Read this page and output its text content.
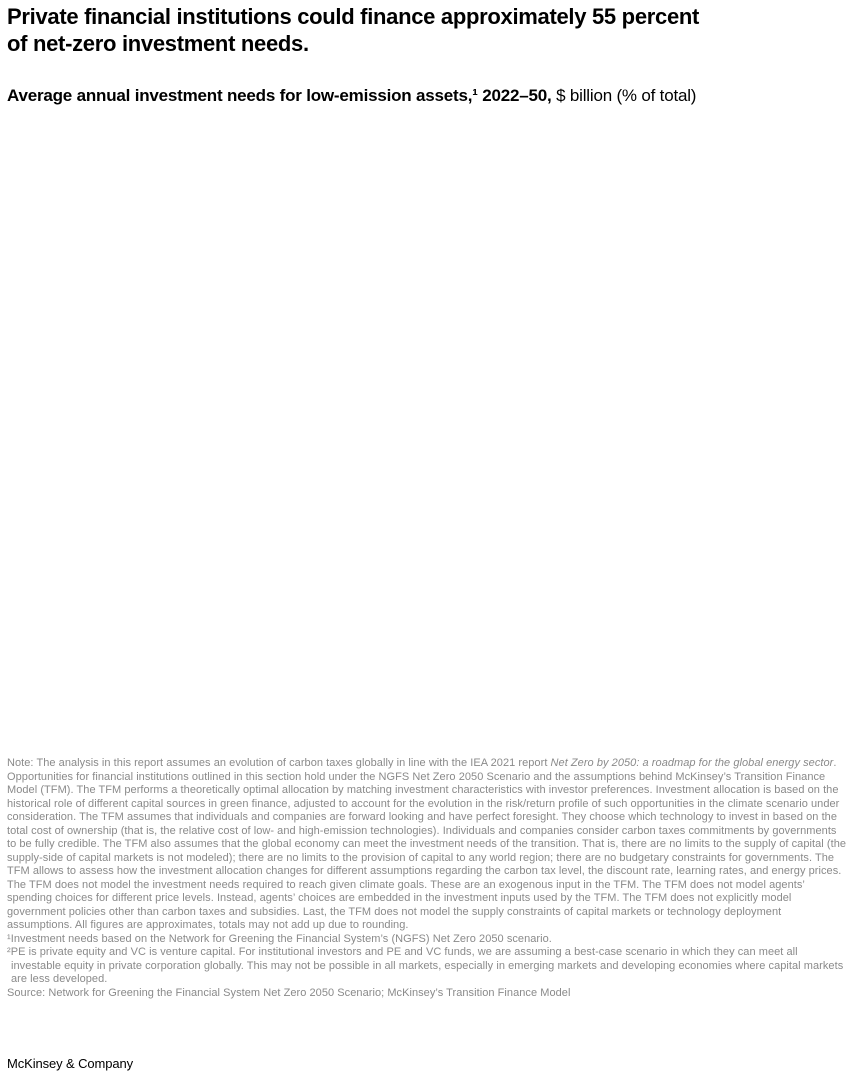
Private financial institutions could finance approximately 55 percent
of net-zero investment needs.
Average annual investment needs for low-emission assets,¹ 2022–50, $ billion (% of total)

Note: The analysis in this report assumes an evolution of carbon taxes globally in line with the IEA 2021 report Net Zero by 2050: a roadmap for the global energy sector. Opportunities for financial institutions outlined in this section hold under the NGFS Net Zero 2050 Scenario and the assumptions behind McKinsey’s Transition Finance Model (TFM). The TFM performs a theoretically optimal allocation by matching investment characteristics with investor preferences. Investment allocation is based on the historical role of different capital sources in green finance, adjusted to account for the evolution in the risk/return profile of such opportunities in the climate scenario under consideration. The TFM assumes that individuals and companies are forward looking and have perfect foresight. They choose which technology to invest in based on the total cost of ownership (that is, the relative cost of low- and high-emission technologies). Individuals and companies consider carbon taxes commitments by governments to be fully credible. The TFM also assumes that the global economy can meet the investment needs of the transition. That is, there are no limits to the supply of capital (the supply-side of capital markets is not modeled); there are no limits to the provision of capital to any world region; there are no budgetary constraints for governments. The TFM allows to assess how the investment allocation changes for different assumptions regarding the carbon tax level, the discount rate, learning rates, and energy prices. The TFM does not model the investment needs required to reach given climate goals. These are an exogenous input in the TFM. The TFM does not model agents’ spending choices for different price levels. Instead, agents’ choices are embedded in the investment inputs used by the TFM. The TFM does not explicitly model government policies other than carbon taxes and subsidies. Last, the TFM does not model the supply constraints of capital markets or technology deployment assumptions. All figures are approximates, totals may not add up due to rounding.

¹Investment needs based on the Network for Greening the Financial System’s (NGFS) Net Zero 2050 scenario.

²PE is private equity and VC is venture capital. For institutional investors and PE and VC funds, we are assuming a best-case scenario in which they can meet all investable equity in private corporation globally. This may not be possible in all markets, especially in emerging markets and developing economies where capital markets are less developed.

Source: Network for Greening the Financial System Net Zero 2050 Scenario; McKinsey’s Transition Finance Model

McKinsey & Company
